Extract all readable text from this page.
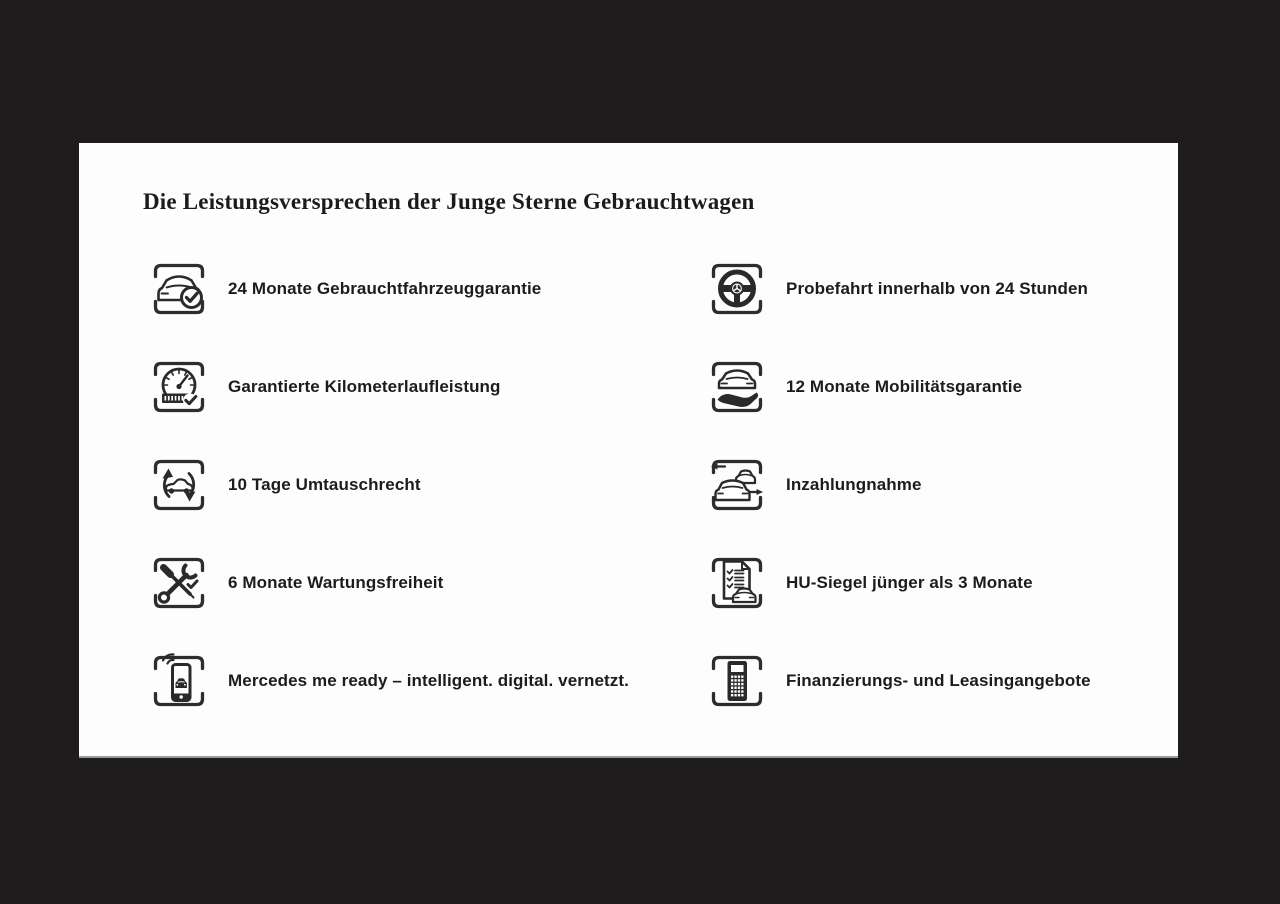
Die Leistungsversprechen der Junge Sterne Gebrauchtwagen
24 Monate Gebrauchtfahrzeuggarantie	Probefahrt innerhalb von 24 Stunden
Garantierte Kilometerlaufleistung	12 Monate Mobilitätsgarantie
10 Tage Umtauschrecht	Inzahlungnahme
6 Monate Wartungsfreiheit	HU-Siegel jünger als 3 Monate
Mercedes me ready – intelligent. digital. vernetzt.	Finanzierungs- und Leasingangebote
